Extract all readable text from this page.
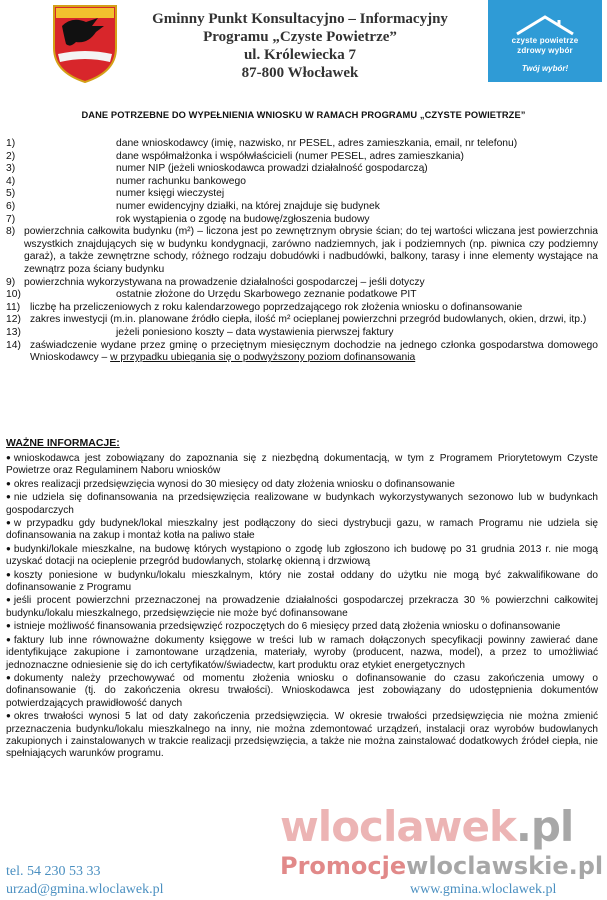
Gminny Punkt Konsultacyjno – Informacyjny
Programu „Czyste Powietrze”
ul. Królewiecka 7
87-800 Włocławek
czyste powietrze
zdrowy wybór
Twój wybór!
DANE POTRZEBNE DO WYPEŁNIENIA WNIOSKU W RAMACH PROGRAMU „CZYSTE POWIETRZE”
1)	dane wnioskodawcy (imię, nazwisko, nr PESEL, adres zamieszkania, email, nr telefonu)
2)	dane współmałżonka i współwłaścicieli (numer PESEL, adres zamieszkania)
3)	numer NIP (jeżeli wnioskodawca prowadzi działalność gospodarczą)
4)	numer rachunku bankowego
5)	numer księgi wieczystej
6)	numer ewidencyjny działki, na której znajduje się budynek
7)	rok wystąpienia o zgodę na budowę/zgłoszenia budowy
8) powierzchnia całkowita budynku (m²) – liczona jest po zewnętrznym obrysie ścian; do tej wartości wliczana jest powierzchnia wszystkich znajdujących się w budynku kondygnacji, zarówno nadziemnych, jak i podziemnych (np. piwnica czy podziemny garaż), a także zewnętrzne schody, różnego rodzaju dobudówki i nadbudówki, balkony, tarasy i inne elementy wystające na zewnątrz poza ściany budynku
9) powierzchnia wykorzystywana na prowadzenie działalności gospodarczej – jeśli dotyczy
10)	ostatnie złożone do Urzędu Skarbowego zeznanie podatkowe PIT
11) liczbę ha przeliczeniowych z roku kalendarzowego poprzedzającego rok złożenia wniosku o dofinansowanie
12) zakres inwestycji (m.in. planowane źródło ciepła, ilość m² ocieplanej powierzchni przegród budowlanych, okien, drzwi, itp.)
13)	jeżeli poniesiono koszty – data wystawienia pierwszej faktury
14) zaświadczenie wydane przez gminę o przeciętnym miesięcznym dochodzie na jednego członka gospodarstwa domowego Wnioskodawcy – w przypadku ubiegania się o podwyższony poziom dofinansowania
WAŻNE INFORMACJE:

● wnioskodawca jest zobowiązany do zapoznania się z niezbędną dokumentacją, w tym z Programem Priorytetowym Czyste Powietrze oraz Regulaminem Naboru wniosków

● okres realizacji przedsięwzięcia wynosi do 30 miesięcy od daty złożenia wniosku o dofinansowanie

● nie udziela się dofinansowania na przedsięwzięcia realizowane w budynkach wykorzystywanych sezonowo lub w budynkach gospodarczych

● w przypadku gdy budynek/lokal mieszkalny jest podłączony do sieci dystrybucji gazu, w ramach Programu nie udziela się dofinansowania na zakup i montaż kotła na paliwo stałe

● budynki/lokale mieszkalne, na budowę których wystąpiono o zgodę lub zgłoszono ich budowę po 31 grudnia 2013 r. nie mogą uzyskać dotacji na ocieplenie przegród budowlanych, stolarkę okienną i drzwiową

● koszty poniesione w budynku/lokalu mieszkalnym, który nie został oddany do użytku nie mogą być zakwalifikowane do dofinansowanie z Programu

● jeśli procent powierzchni przeznaczonej na prowadzenie działalności gospodarczej przekracza 30 % powierzchni całkowitej budynku/lokalu mieszkalnego, przedsięwzięcie nie może być dofinansowane

● istnieje możliwość finansowania przedsięwzięć rozpoczętych do 6 miesięcy przed datą złożenia wniosku o dofinansowanie

● faktury lub inne równoważne dokumenty księgowe w treści lub w ramach dołączonych specyfikacji powinny zawierać dane identyfikujące zakupione i zamontowane urządzenia, materiały, wyroby (producent, nazwa, model), a przez to umożliwiać jednoznaczne odniesienie się do ich certyfikatów/świadectw, kart produktu oraz etykiet energetycznych

● dokumenty należy przechowywać od momentu złożenia wniosku o dofinansowanie do czasu zakończenia umowy o dofinansowanie (tj. do zakończenia okresu trwałości). Wnioskodawca jest zobowiązany do udostępnienia dokumentów potwierdzających prawidłowość danych

● okres trwałości wynosi 5 lat od daty zakończenia przedsięwzięcia. W okresie trwałości przedsięwzięcia nie można zmienić przeznaczenia budynku/lokalu mieszkalnego na inny, nie można zdemontować urządzeń, instalacji oraz wyrobów budowlanych zakupionych i zainstalowanych w trakcie realizacji przedsięwzięcia, a także nie można zainstalować dodatkowych źródeł ciepła, nie spełniających warunków programu.

wloclawek.pl
tel. 54 230 53 33
urzad@gmina.wloclawek.pl	www.gmina.wloclawek.pl
Promocjewloclawskie.pl
